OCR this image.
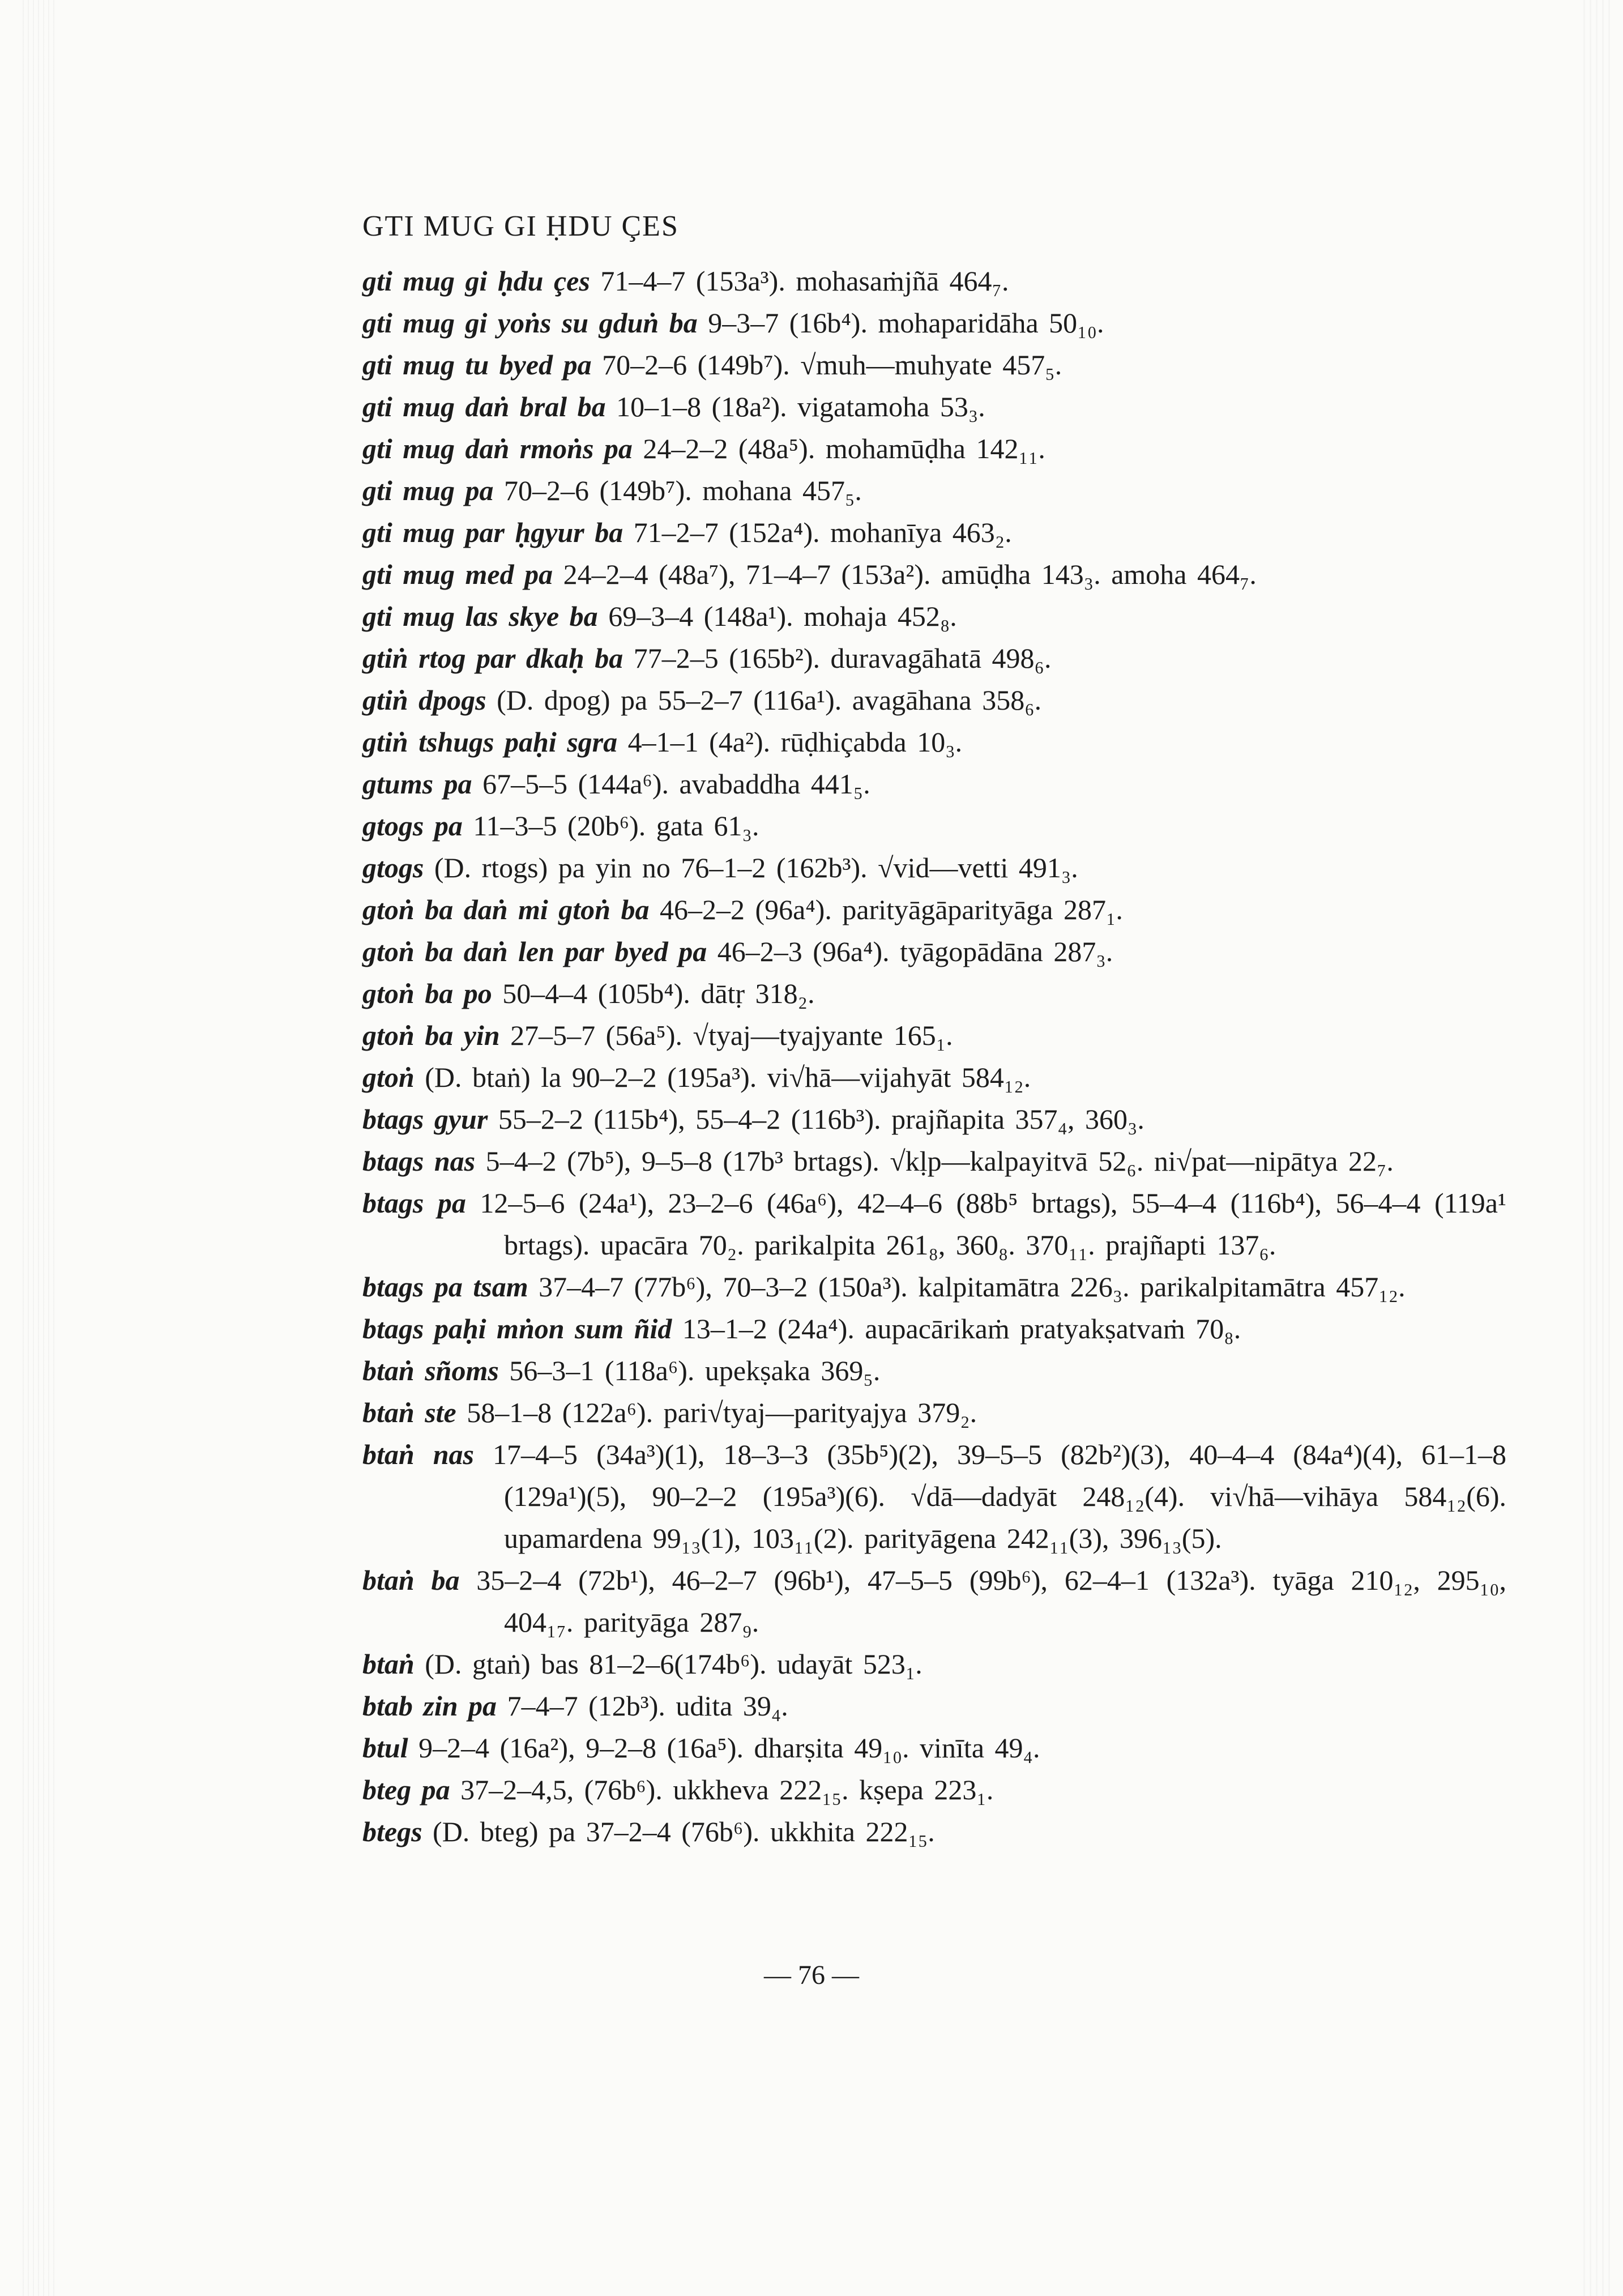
GTI MUG GI ḤDU ÇES
gti mug gi ḥdu çes 71–4–7 (153a³). mohasaṁjñā 464₇.
gti mug gi yoṅs su gduṅ ba 9–3–7 (16b⁴). mohaparidāha 50₁₀.
gti mug tu byed pa 70–2–6 (149b⁷). √muh—muhyate 457₅.
gti mug daṅ bral ba 10–1–8 (18a²). vigatamoha 53₃.
gti mug daṅ rmoṅs pa 24–2–2 (48a⁵). mohamūḍha 142₁₁.
gti mug pa 70–2–6 (149b⁷). mohana 457₅.
gti mug par ḥgyur ba 71–2–7 (152a⁴). mohanīya 463₂.
gti mug med pa 24–2–4 (48a⁷), 71–4–7 (153a²). amūḍha 143₃. amoha 464₇.
gti mug las skye ba 69–3–4 (148a¹). mohaja 452₈.
gtiṅ rtog par dkaḥ ba 77–2–5 (165b²). duravagāhatā 498₆.
gtiṅ dpogs (D. dpog) pa 55–2–7 (116a¹). avagāhana 358₆.
gtiṅ tshugs paḥi sgra 4–1–1 (4a²). rūḍhiçabda 10₃.
gtums pa 67–5–5 (144a⁶). avabaddha 441₅.
gtogs pa 11–3–5 (20b⁶). gata 61₃.
gtogs (D. rtogs) pa yin no 76–1–2 (162b³). √vid—vetti 491₃.
gtoṅ ba daṅ mi gtoṅ ba 46–2–2 (96a⁴). parityāgāparityāga 287₁.
gtoṅ ba daṅ len par byed pa 46–2–3 (96a⁴). tyāgopādāna 287₃.
gtoṅ ba po 50–4–4 (105b⁴). dātṛ 318₂.
gtoṅ ba yin 27–5–7 (56a⁵). √tyaj—tyajyante 165₁.
gtoṅ (D. btaṅ) la 90–2–2 (195a³). vi√hā—vijahyāt 584₁₂.
btags gyur 55–2–2 (115b⁴), 55–4–2 (116b³). prajñapita 357₄, 360₃.
btags nas 5–4–2 (7b⁵), 9–5–8 (17b³ brtags). √kḷp—kalpayitvā 52₆. ni√pat—nipātya 22₇.
btags pa 12–5–6 (24a¹), 23–2–6 (46a⁶), 42–4–6 (88b⁵ brtags), 55–4–4 (116b⁴), 56–4–4 (119a¹ brtags). upacāra 70₂. parikalpita 261₈, 360₈. 370₁₁. prajñapti 137₆.
btags pa tsam 37–4–7 (77b⁶), 70–3–2 (150a³). kalpitamātra 226₃. parikalpitamātra 457₁₂.
btags paḥi mṅon sum ñid 13–1–2 (24a⁴). aupacārikaṁ pratyakṣatvaṁ 70₈.
btaṅ sñoms 56–3–1 (118a⁶). upekṣaka 369₅.
btaṅ ste 58–1–8 (122a⁶). pari√tyaj—parityajya 379₂.
btaṅ nas 17–4–5 (34a³)(1), 18–3–3 (35b⁵)(2), 39–5–5 (82b²)(3), 40–4–4 (84a⁴)(4), 61–1–8 (129a¹)(5), 90–2–2 (195a³)(6). √dā—dadyāt 248₁₂(4). vi√hā—vihāya 584₁₂(6). upamardena 99₁₃(1), 103₁₁(2). parityāgena 242₁₁(3), 396₁₃(5).
btaṅ ba 35–2–4 (72b¹), 46–2–7 (96b¹), 47–5–5 (99b⁶), 62–4–1 (132a³). tyāga 210₁₂, 295₁₀, 404₁₇. parityāga 287₉.
btaṅ (D. gtaṅ) bas 81–2–6(174b⁶). udayāt 523₁.
btab zin pa 7–4–7 (12b³). udita 39₄.
btul 9–2–4 (16a²), 9–2–8 (16a⁵). dharṣita 49₁₀. vinīta 49₄.
bteg pa 37–2–4,5, (76b⁶). ukkheva 222₁₅. kṣepa 223₁.
btegs (D. bteg) pa 37–2–4 (76b⁶). ukkhita 222₁₅.
— 76 —
